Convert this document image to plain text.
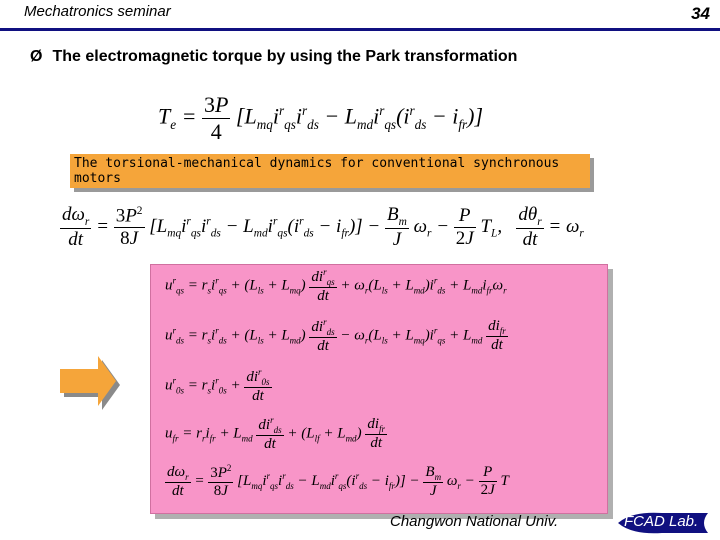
Mechatronics seminar	34
Ø The electromagnetic torque by using the Park transformation
$T_e = \frac{3P}{4} [L_{mq}i^r_{qs}i^r_{ds} - L_{md}i^r_{qs}(i^r_{ds} - i_{fr})]$
The torsional-mechanical dynamics for conventional synchronous
motors
$\frac{d\omega_r}{dt} = \frac{3P^2}{8J} [L_{mq}i^r_{qs}i^r_{ds} - L_{md}i^r_{qs}(i^r_{ds} - i_{fr})] - \frac{B_m}{J} \omega_r - \frac{P}{2J} T_L$, $\frac{d\theta_r}{dt} = \omega_r$
$u^r_{qs} = r_si^r_{qs} + (L_{ls} + L_{mq}) \frac{di^r_{qs}}{dt} + \omega_r(L_{ls} + L_{md})i^r_{ds} + L_{md}i_{fr}\omega_r$
$u^r_{ds} = r_si^r_{ds} + (L_{ls} + L_{md}) \frac{di^r_{ds}}{dt} - \omega_r(L_{ls} + L_{mq})i^r_{qs} + L_{md} \frac{di_{fr}}{dt}$
$u^r_{0s} = r_si^r_{0s} + \frac{di^r_{0s}}{dt}$
$u_{fr} = r_ri_{fr} + L_{md} \frac{di^r_{ds}}{dt} + (L_{lf} + L_{md}) \frac{di_{fr}}{dt}$
$\frac{d\omega_r}{dt} = \frac{3P^2}{8J} [L_{mq}i^r_{qs}i^r_{ds} - L_{md}i^r_{qs}(i^r_{ds} - i_{fr})] - \frac{B_m}{J} \omega_r - \frac{P}{2J}$ T
Changwon National Univ.	FCAD Lab.
